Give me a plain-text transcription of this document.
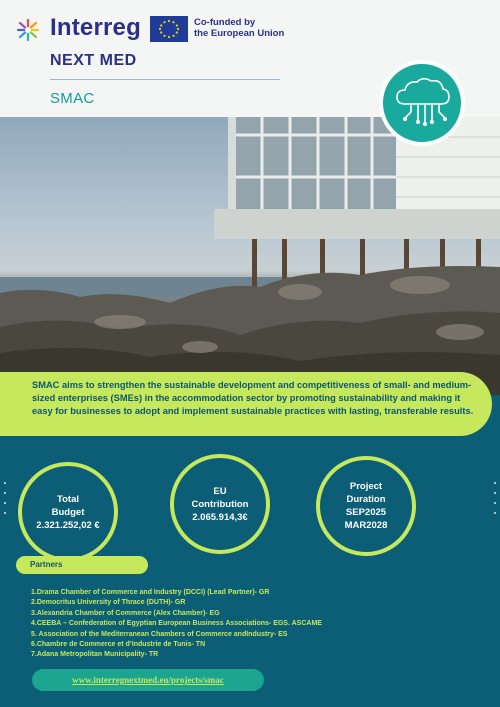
Interreg	Co-funded by
the European Union
NEXT MED
SMAC

SMAC aims to strengthen the sustainable development and competitiveness of small- and medium-sized enterprises (SMEs) in the accommodation sector by promoting sustainability and making it easy for businesses to adopt and implement sustainable practices with lasting, transferable results.

Total
Budget
2.321.252,02 €
EU
Contribution
2.065.914,3€
Project
Duration
SEP2025
MAR2028
Partners
1.Drama Chamber of Commerce and Industry (DCCI) (Lead Partner)- GR
2.Democritus University of Thrace (DUTH)- GR
3.Alexandria Chamber of Commerce (Alex Chamber)- EG
4.CEEBA – Confederation of Egyptian European Business Associations- EGS. ASCAME
5. Association of the Mediterranean Chambers of Commerce andIndustry- ES
6.Chambre de Commerce et d’Industrie de Tunis- TN
7.Adana Metropolitan Municipality- TR
www.interregnextmed.eu/projects/smac
